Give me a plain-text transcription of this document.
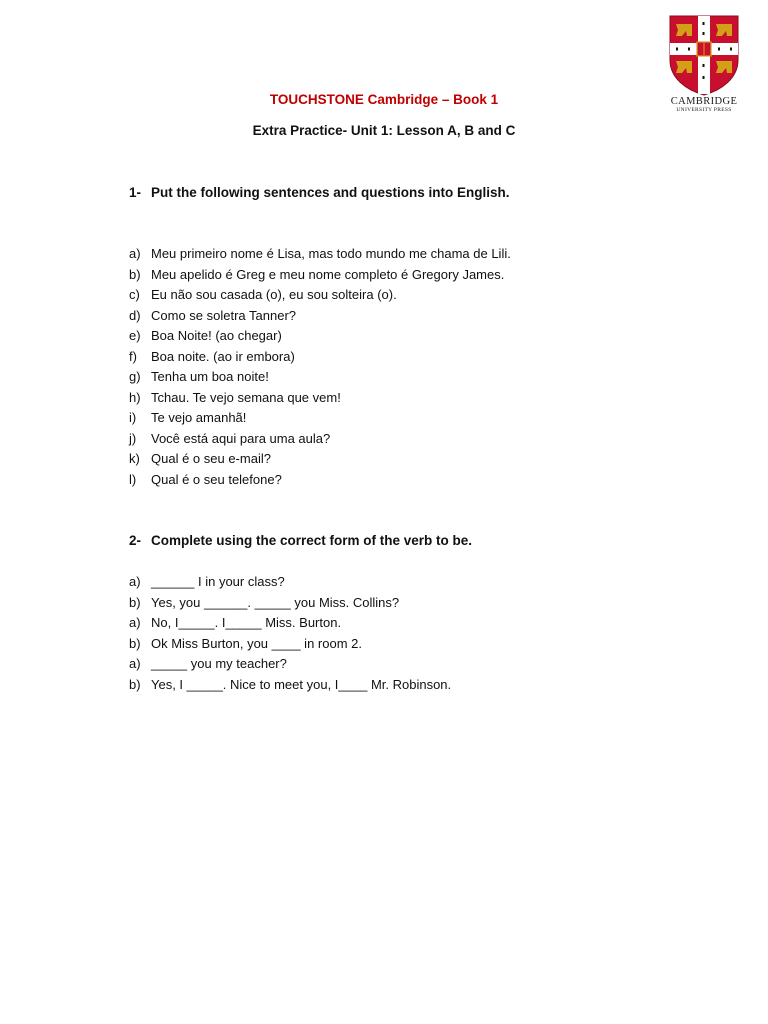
CAMBRIDGE
UNIVERSITY PRESS
TOUCHSTONE Cambridge – Book 1
Extra Practice- Unit 1: Lesson A, B and C
1- Put the following sentences and questions into English.
a) Meu primeiro nome é Lisa, mas todo mundo me chama de Lili.
b) Meu apelido é Greg e meu nome completo é Gregory James.
c) Eu não sou casada (o), eu sou solteira (o).
d) Como se soletra Tanner?
e) Boa Noite! (ao chegar)
f) Boa noite. (ao ir embora)
g) Tenha um boa noite!
h) Tchau. Te vejo semana que vem!
i) Te vejo amanhã!
j) Você está aqui para uma aula?
k) Qual é o seu e-mail?
l) Qual é o seu telefone?
2- Complete using the correct form of the verb to be.
a) ______ I in your class?
b) Yes, you ______. _____ you Miss. Collins?
a) No, I_____. I_____ Miss. Burton.
b) Ok Miss Burton, you ____ in room 2.
a) _____ you my teacher?
b) Yes, I _____. Nice to meet you, I____ Mr. Robinson.
